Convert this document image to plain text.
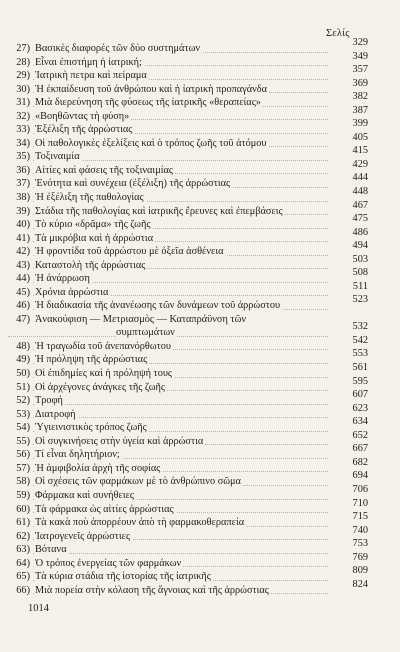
Σελίς
27) Βασικὲς διαφορὲς τῶν δύο συστημάτων
329
28) Εἶναι ἐπιστήμη ἡ ἰατρική;
349
29) Ἰατρικὴ πετρα καὶ πείραμα
357
30) Ἡ ἐκπαίδευση τοῦ ἀνθρώπου καὶ ἡ ἰατρικὴ προπαγάνδα
369
31) Μιὰ διερεύνηση τῆς φύσεως τῆς ἰατρικῆς «θεραπείας»
382
32) «Βοηθῶντας τὴ φύση»
387
33) Ἐξέλιξη τῆς ἀρρώστιας
399
34) Οἱ παθολογικὲς ἐξελίξεις καὶ ὁ τρόπος ζωῆς τοῦ ἀτόμου
405
35) Τοξιναιμία
415
36) Αἰτίες καὶ φάσεις τῆς τοξιναιμίας
429
37) Ἑνότητα καὶ συνέχεια (ἐξέλιξη) τῆς ἀρρώστιας
444
38) Ἡ ἐξέλιξη τῆς παθολογίας
448
39) Στάδια τῆς παθολογίας καὶ ἰατρικῆς ἔρευνες καὶ ἐπεμβάσεις
467
40) Τὸ κύριο «δρᾶμα» τῆς ζωῆς
475
41) Τὰ μικρόβια καὶ ἡ ἀρρώστια
486
42) Ἡ φροντίδα τοῦ ἀρρώστου μὲ ὀξεῖα ἀσθένεια
494
43) Καταστολὴ τῆς ἀρρώστιας
503
44) Ἡ ἀνάρρωση
508
45) Χρόνια ἀρρώστια
511
46) Ἡ διαδικασία τῆς ἀνανέωσης τῶν δυνάμεων τοῦ ἀρρώστου
523
47) Ἀνακούφιση — Μετριασμὸς — Καταπράϋνση τῶν
συμπτωμάτων
532
48) Ἡ τραγωδία τοῦ ἀνεπανόρθωτου
542
49) Ἡ πρόληψη τῆς ἀρρώστιας
553
50) Οἱ ἐπιδημίες καὶ ἡ πρόληψή τους
561
51) Οἱ ἀρχέγονες ἀνάγκες τῆς ζωῆς
595
52) Τροφή
607
53) Διατροφή
623
54) Ὑγιεινιστικὸς τρόπος ζωῆς
634
55) Οἱ συγκινήσεις στὴν ὑγεία καὶ ἀρρώστια
652
56) Τί εἶναι δηλητήριον;
667
57) Ἡ ἀμφιβολία ἀρχὴ τῆς σοφίας
682
58) Οἱ σχέσεις τῶν φαρμάκων μὲ τὸ ἀνθρώπινο σῶμα
694
59) Φάρμακα καὶ συνήθειες
706
60) Τὰ φάρμακα ὡς αἰτίες ἀρρώστιας
710
61) Τὰ κακὰ ποὺ ἀπορρέουν ἀπὸ τὴ φαρμακοθεραπεία
715
62) Ἰατρογενεῖς ἀρρώστιες
740
63) Βότανα
753
64) Ὁ τρόπος ἐνεργείας τῶν φαρμάκων
769
65) Τὰ κύρια στάδια τῆς ἱστορίας τῆς ἰατρικῆς
809
66) Μιὰ πορεία στὴν κόλαση τῆς ἄγνοιας καὶ τῆς ἀρρώστιας
824
1014
